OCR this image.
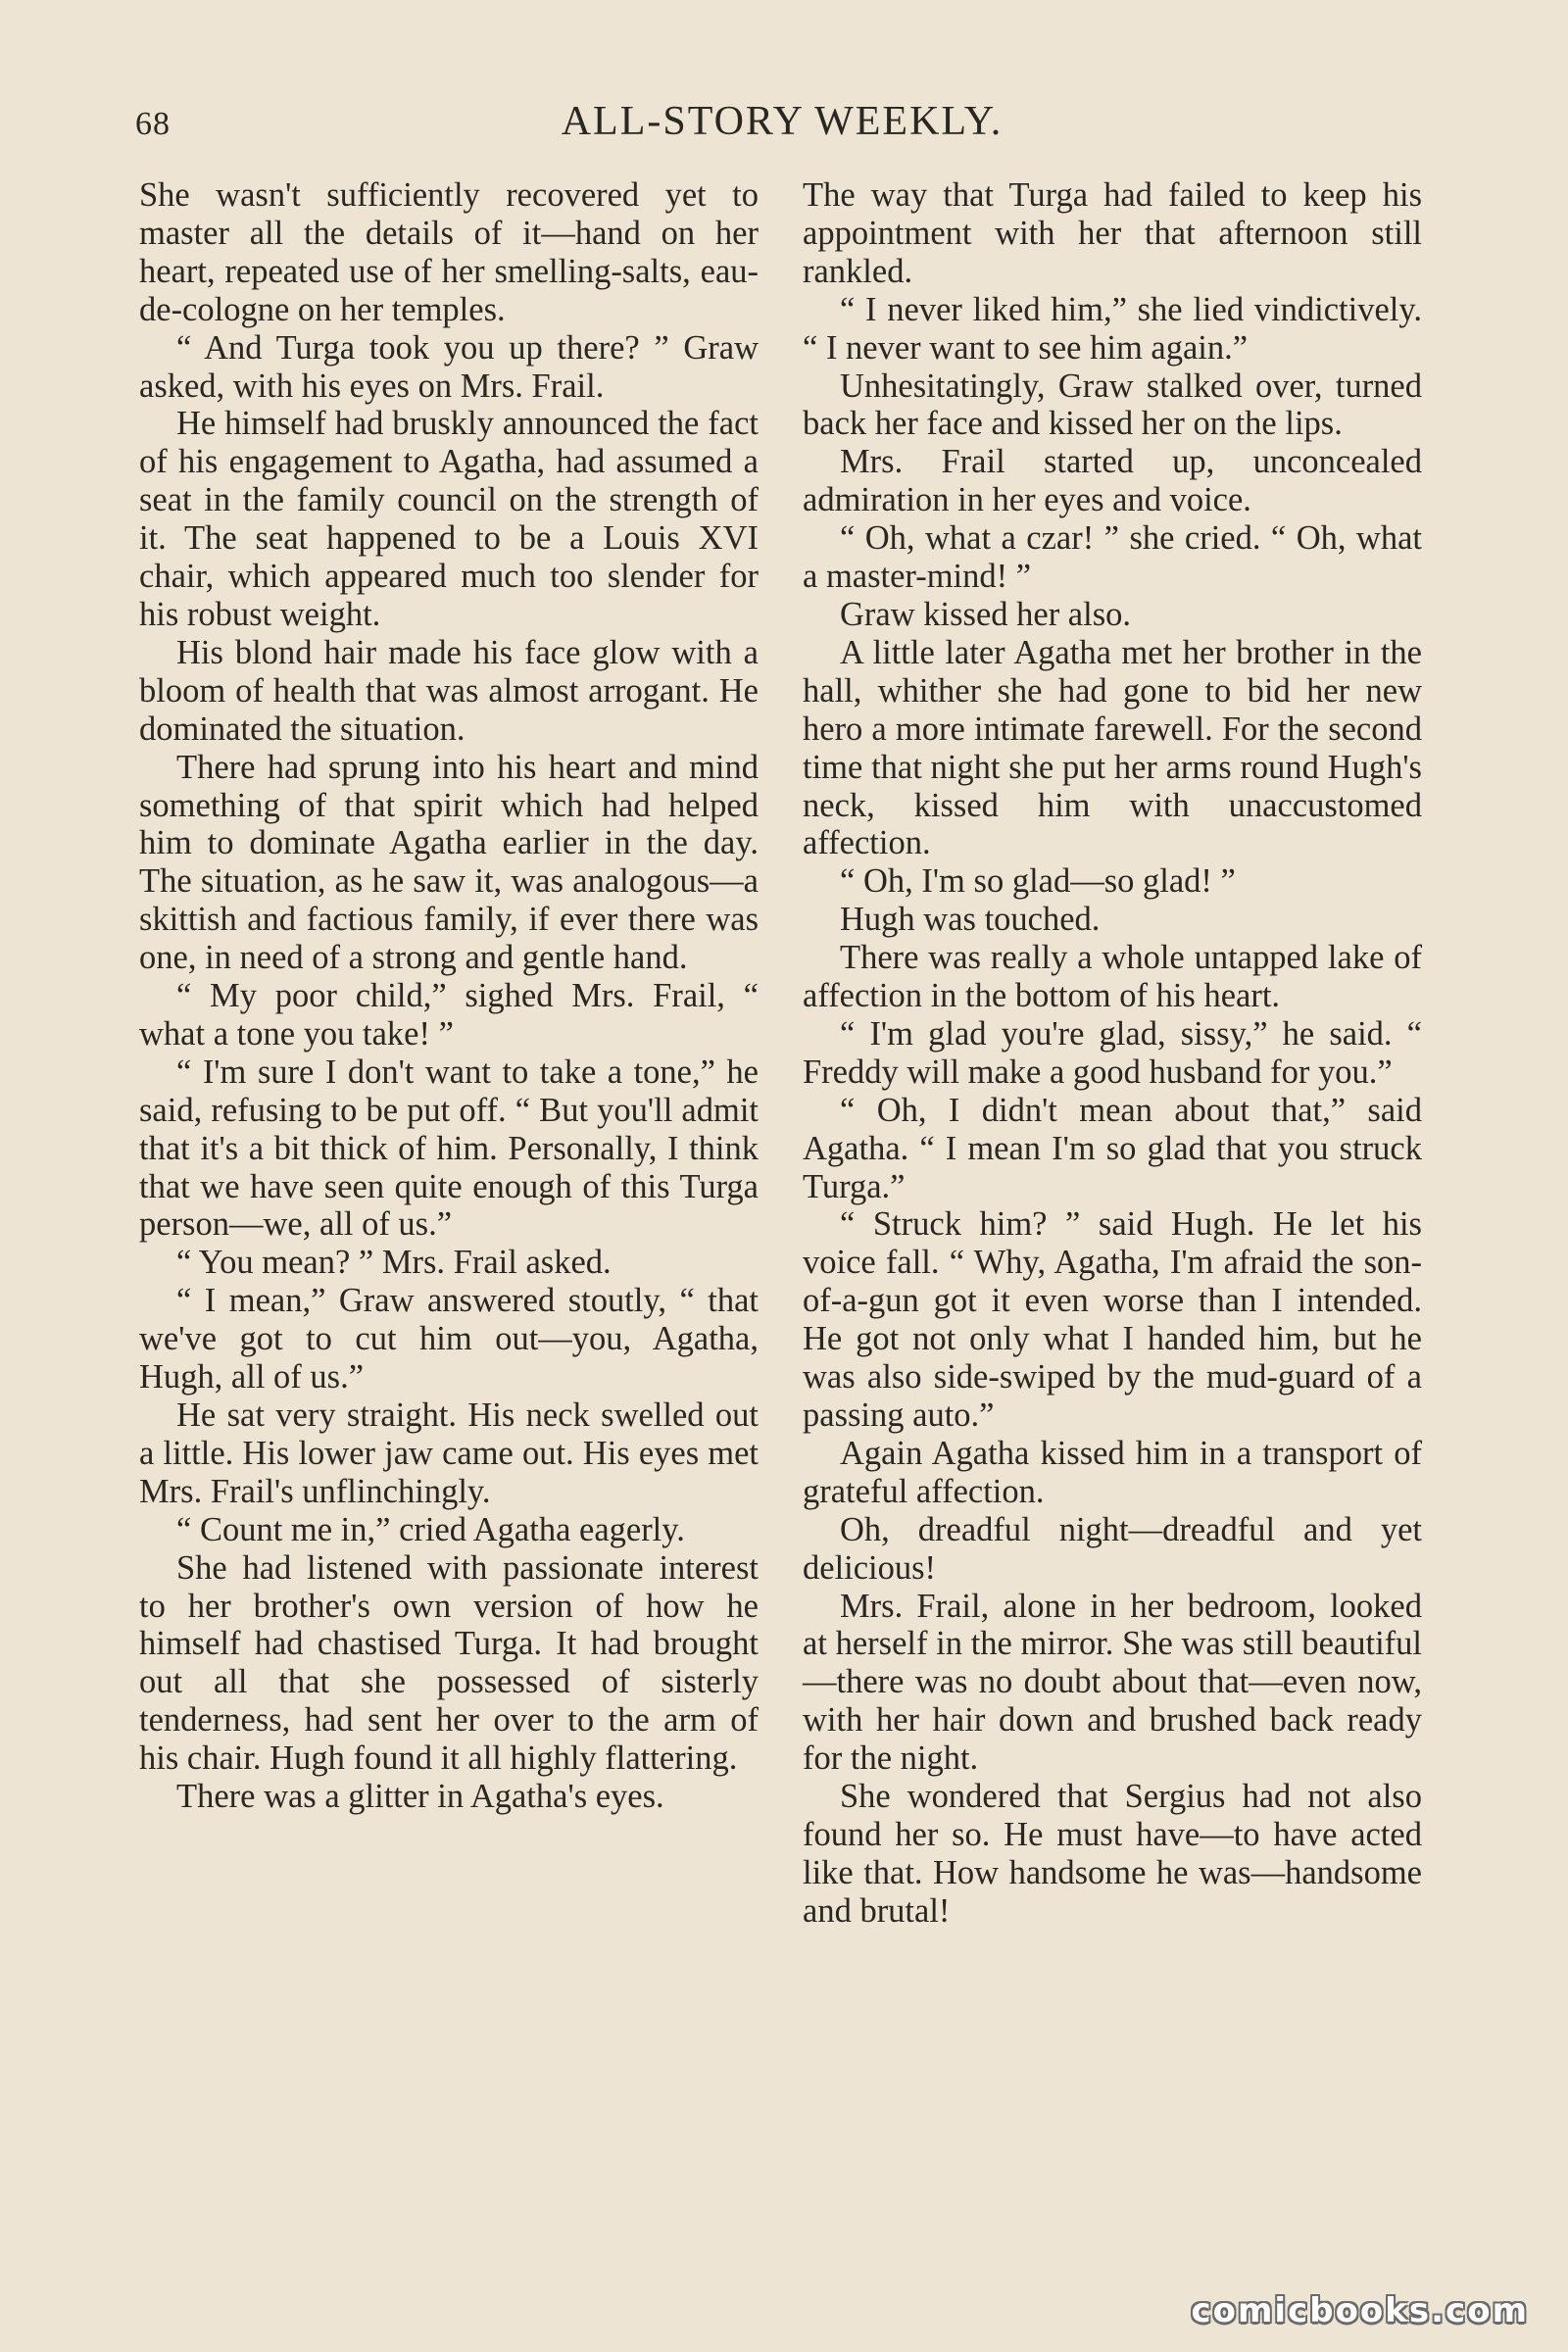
68	ALL-STORY WEEKLY.

She wasn't sufficiently recovered yet to master all the details of it—hand on her heart, repeated use of her smelling-salts, eau-de-cologne on her temples.

“ And Turga took you up there? ” Graw asked, with his eyes on Mrs. Frail.

He himself had bruskly announced the fact of his engagement to Agatha, had assumed a seat in the family council on the strength of it. The seat happened to be a Louis XVI chair, which appeared much too slender for his robust weight.

His blond hair made his face glow with a bloom of health that was almost arrogant. He dominated the situation.

There had sprung into his heart and mind something of that spirit which had helped him to dominate Agatha earlier in the day. The situation, as he saw it, was analogous—a skittish and factious family, if ever there was one, in need of a strong and gentle hand.

“ My poor child,” sighed Mrs. Frail, “ what a tone you take! ”

“ I'm sure I don't want to take a tone,” he said, refusing to be put off. “ But you'll admit that it's a bit thick of him. Personally, I think that we have seen quite enough of this Turga person—we, all of us.”

“ You mean? ” Mrs. Frail asked.

“ I mean,” Graw answered stoutly, “ that we've got to cut him out—you, Agatha, Hugh, all of us.”

He sat very straight. His neck swelled out a little. His lower jaw came out. His eyes met Mrs. Frail's unflinchingly.

“ Count me in,” cried Agatha eagerly.

She had listened with passionate interest to her brother's own version of how he himself had chastised Turga. It had brought out all that she possessed of sisterly tenderness, had sent her over to the arm of his chair. Hugh found it all highly flattering.

There was a glitter in Agatha's eyes.

The way that Turga had failed to keep his appointment with her that afternoon still rankled.

“ I never liked him,” she lied vindictively. “ I never want to see him again.”

Unhesitatingly, Graw stalked over, turned back her face and kissed her on the lips.

Mrs. Frail started up, unconcealed admiration in her eyes and voice.

“ Oh, what a czar! ” she cried. “ Oh, what a master-mind! ”

Graw kissed her also.

A little later Agatha met her brother in the hall, whither she had gone to bid her new hero a more intimate farewell. For the second time that night she put her arms round Hugh's neck, kissed him with unaccustomed affection.

“ Oh, I'm so glad—so glad! ”

Hugh was touched.

There was really a whole untapped lake of affection in the bottom of his heart.

“ I'm glad you're glad, sissy,” he said. “ Freddy will make a good husband for you.”

“ Oh, I didn't mean about that,” said Agatha. “ I mean I'm so glad that you struck Turga.”

“ Struck him? ” said Hugh. He let his voice fall. “ Why, Agatha, I'm afraid the son-of-a-gun got it even worse than I intended. He got not only what I handed him, but he was also side-swiped by the mud-guard of a passing auto.”

Again Agatha kissed him in a transport of grateful affection.

Oh, dreadful night—dreadful and yet delicious!

Mrs. Frail, alone in her bedroom, looked at herself in the mirror. She was still beautiful—there was no doubt about that—even now, with her hair down and brushed back ready for the night.

She wondered that Sergius had not also found her so. He must have—to have acted like that. How handsome he was—handsome and brutal!

comicbooks.com
